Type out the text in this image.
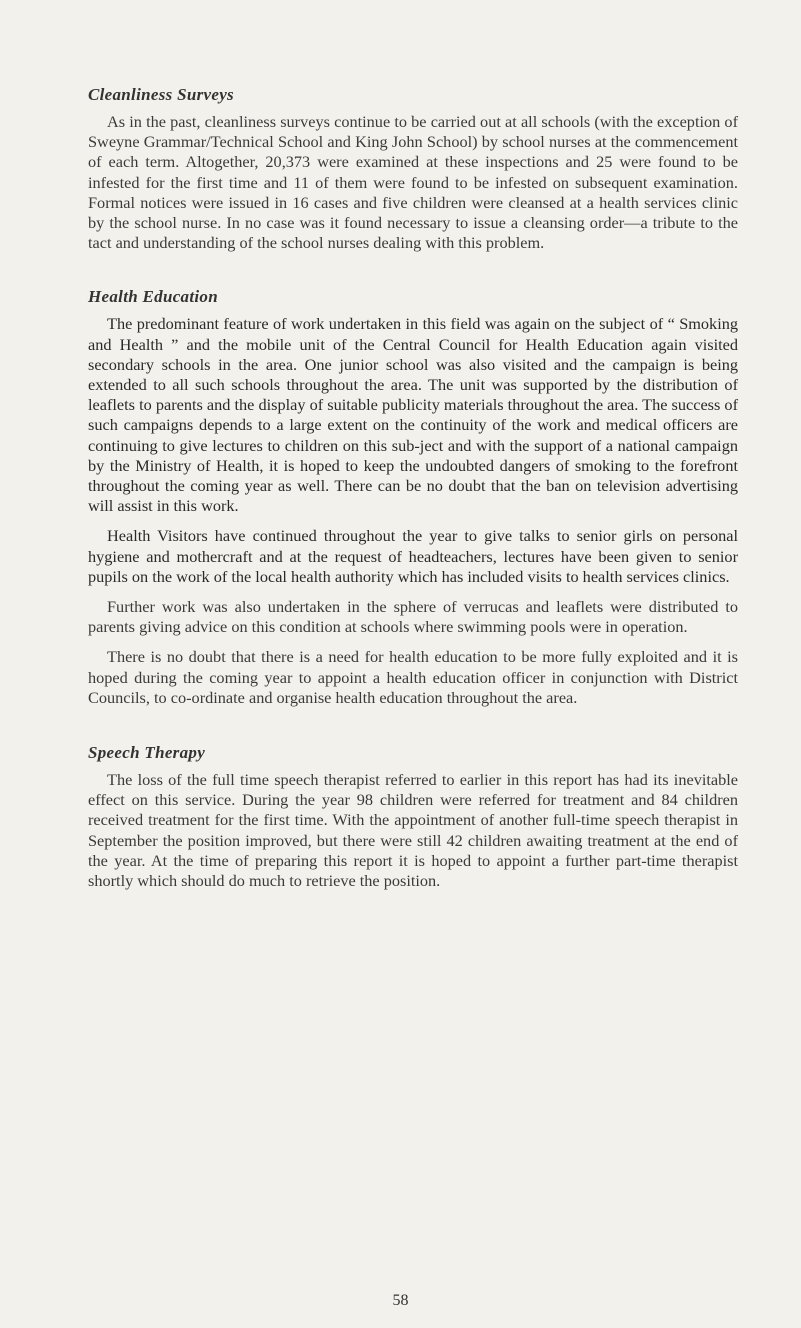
Cleanliness Surveys

As in the past, cleanliness surveys continue to be carried out at all schools (with the exception of Sweyne Grammar/Technical School and King John School) by school nurses at the commencement of each term. Altogether, 20,373 were examined at these inspections and 25 were found to be infested for the first time and 11 of them were found to be infested on subsequent examination. Formal notices were issued in 16 cases and five children were cleansed at a health services clinic by the school nurse. In no case was it found necessary to issue a cleansing order—a tribute to the tact and understanding of the school nurses dealing with this problem.

Health Education

The predominant feature of work undertaken in this field was again on the subject of “ Smoking and Health ” and the mobile unit of the Central Council for Health Education again visited secondary schools in the area. One junior school was also visited and the campaign is being extended to all such schools throughout the area. The unit was supported by the distribution of leaflets to parents and the display of suitable publicity materials throughout the area. The success of such campaigns depends to a large extent on the continuity of the work and medical officers are continuing to give lectures to children on this sub-ject and with the support of a national campaign by the Ministry of Health, it is hoped to keep the undoubted dangers of smoking to the forefront throughout the coming year as well. There can be no doubt that the ban on television advertising will assist in this work.

Health Visitors have continued throughout the year to give talks to senior girls on personal hygiene and mothercraft and at the request of headteachers, lectures have been given to senior pupils on the work of the local health authority which has included visits to health services clinics.

Further work was also undertaken in the sphere of verrucas and leaflets were distributed to parents giving advice on this condition at schools where swimming pools were in operation.

There is no doubt that there is a need for health education to be more fully exploited and it is hoped during the coming year to appoint a health education officer in conjunction with District Councils, to co-ordinate and organise health education throughout the area.

Speech Therapy

The loss of the full time speech therapist referred to earlier in this report has had its inevitable effect on this service. During the year 98 children were referred for treatment and 84 children received treatment for the first time. With the appointment of another full-time speech therapist in September the position improved, but there were still 42 children awaiting treatment at the end of the year. At the time of preparing this report it is hoped to appoint a further part-time therapist shortly which should do much to retrieve the position.

58
